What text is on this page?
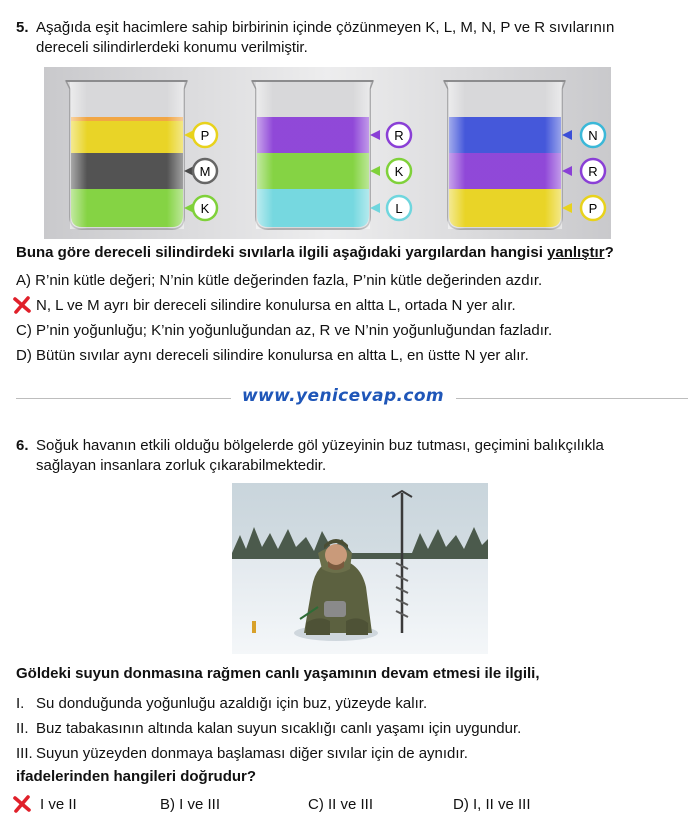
5. Aşağıda eşit hacimlere sahip birbirinin içinde çözünmeyen K, L, M, N, P ve R sıvılarının
dereceli silindirlerdeki konumu verilmiştir.
P
M
K
R
K
L
N
R
P
Buna göre dereceli silindirdeki sıvılarla ilgili aşağıdaki yargılardan hangisi yanlıştır?
A) R’nin kütle değeri; N’nin kütle değerinden fazla, P’nin kütle değerinden azdır.
N, L ve M ayrı bir dereceli silindire konulursa en altta L, ortada N yer alır.
C) P’nin yoğunluğu; K’nin yoğunluğundan az, R ve N’nin yoğunluğundan fazladır.
D) Bütün sıvılar aynı dereceli silindire konulursa en altta L, en üstte N yer alır.
www.yenicevap.com
6. Soğuk havanın etkili olduğu bölgelerde göl yüzeyinin buz tutması, geçimini balıkçılıkla
sağlayan insanlara zorluk çıkarabilmektedir.
Göldeki suyun donmasına rağmen canlı yaşamının devam etmesi ile ilgili,
I. Su donduğunda yoğunluğu azaldığı için buz, yüzeyde kalır.
II. Buz tabakasının altında kalan suyun sıcaklığı canlı yaşamı için uygundur.
III. Suyun yüzeyden donmaya başlaması diğer sıvılar için de aynıdır.
ifadelerinden hangileri doğrudur?
I ve II	B) I ve III	C) II ve III	D) I, II ve III
